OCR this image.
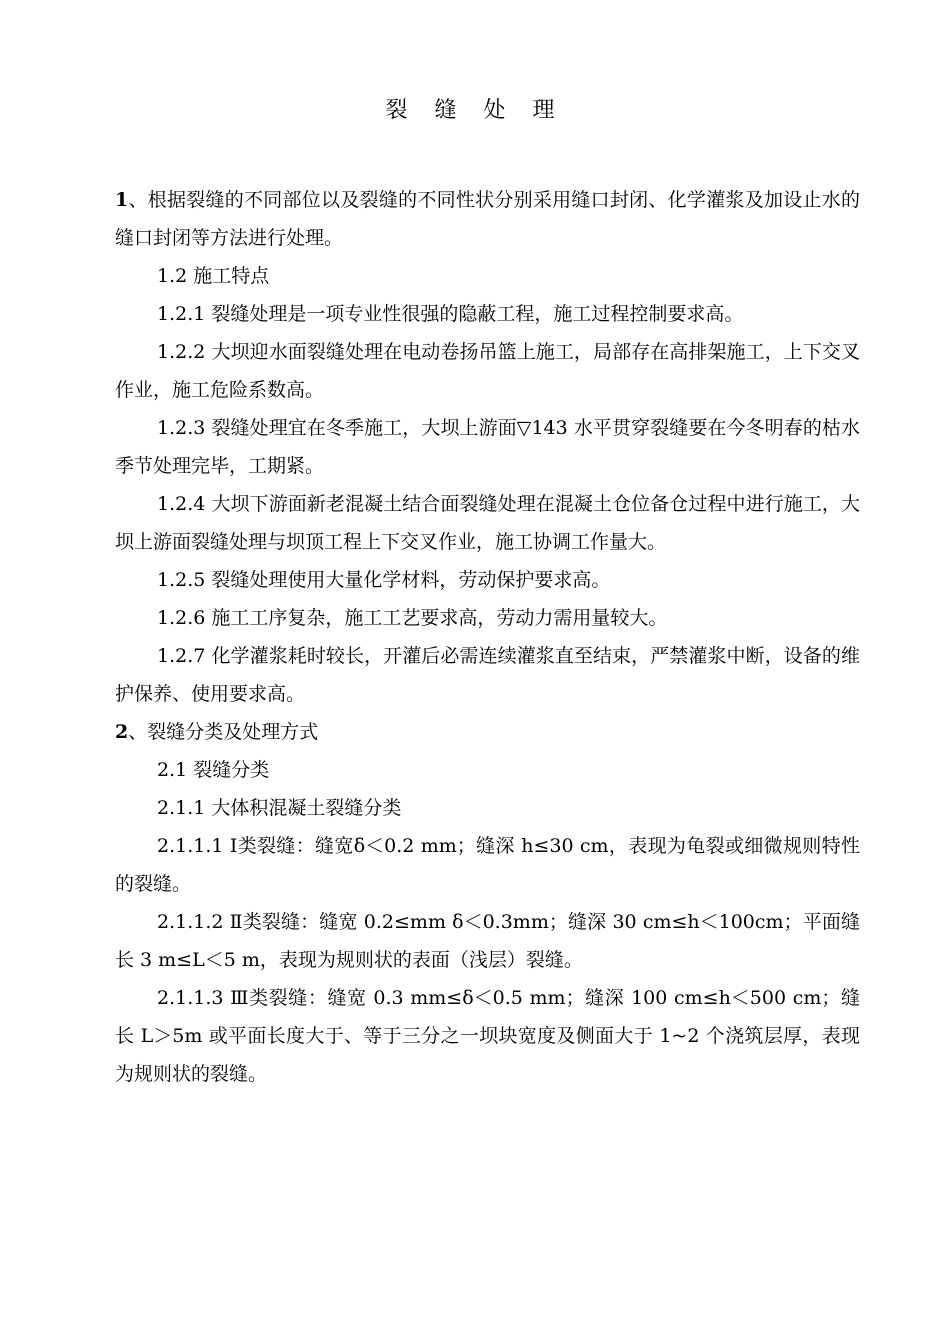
裂 缝 处 理

1、根据裂缝的不同部位以及裂缝的不同性状分别采用缝口封闭、化学灌浆及加设止水的缝口封闭等方法进行处理。

1.2 施工特点

1.2.1 裂缝处理是一项专业性很强的隐蔽工程，施工过程控制要求高。

1.2.2 大坝迎水面裂缝处理在电动卷扬吊篮上施工，局部存在高排架施工，上下交叉作业，施工危险系数高。

1.2.3 裂缝处理宜在冬季施工，大坝上游面▽143 水平贯穿裂缝要在今冬明春的枯水季节处理完毕，工期紧。

1.2.4 大坝下游面新老混凝土结合面裂缝处理在混凝土仓位备仓过程中进行施工，大坝上游面裂缝处理与坝顶工程上下交叉作业，施工协调工作量大。

1.2.5 裂缝处理使用大量化学材料，劳动保护要求高。

1.2.6 施工工序复杂，施工工艺要求高，劳动力需用量较大。

1.2.7 化学灌浆耗时较长，开灌后必需连续灌浆直至结束，严禁灌浆中断，设备的维护保养、使用要求高。

2、裂缝分类及处理方式

2.1 裂缝分类

2.1.1 大体积混凝土裂缝分类

2.1.1.1 Ⅰ类裂缝：缝宽δ＜0.2 mm；缝深 h≤30 cm，表现为龟裂或细微规则特性的裂缝。

2.1.1.2 Ⅱ类裂缝：缝宽 0.2≤mm δ＜0.3mm；缝深 30 cm≤h＜100cm；平面缝长 3 m≤L＜5 m，表现为规则状的表面（浅层）裂缝。

2.1.1.3 Ⅲ类裂缝：缝宽 0.3 mm≤δ＜0.5 mm；缝深 100 cm≤h＜500 cm；缝长 L＞5m 或平面长度大于、等于三分之一坝块宽度及侧面大于 1~2 个浇筑层厚，表现为规则状的裂缝。
